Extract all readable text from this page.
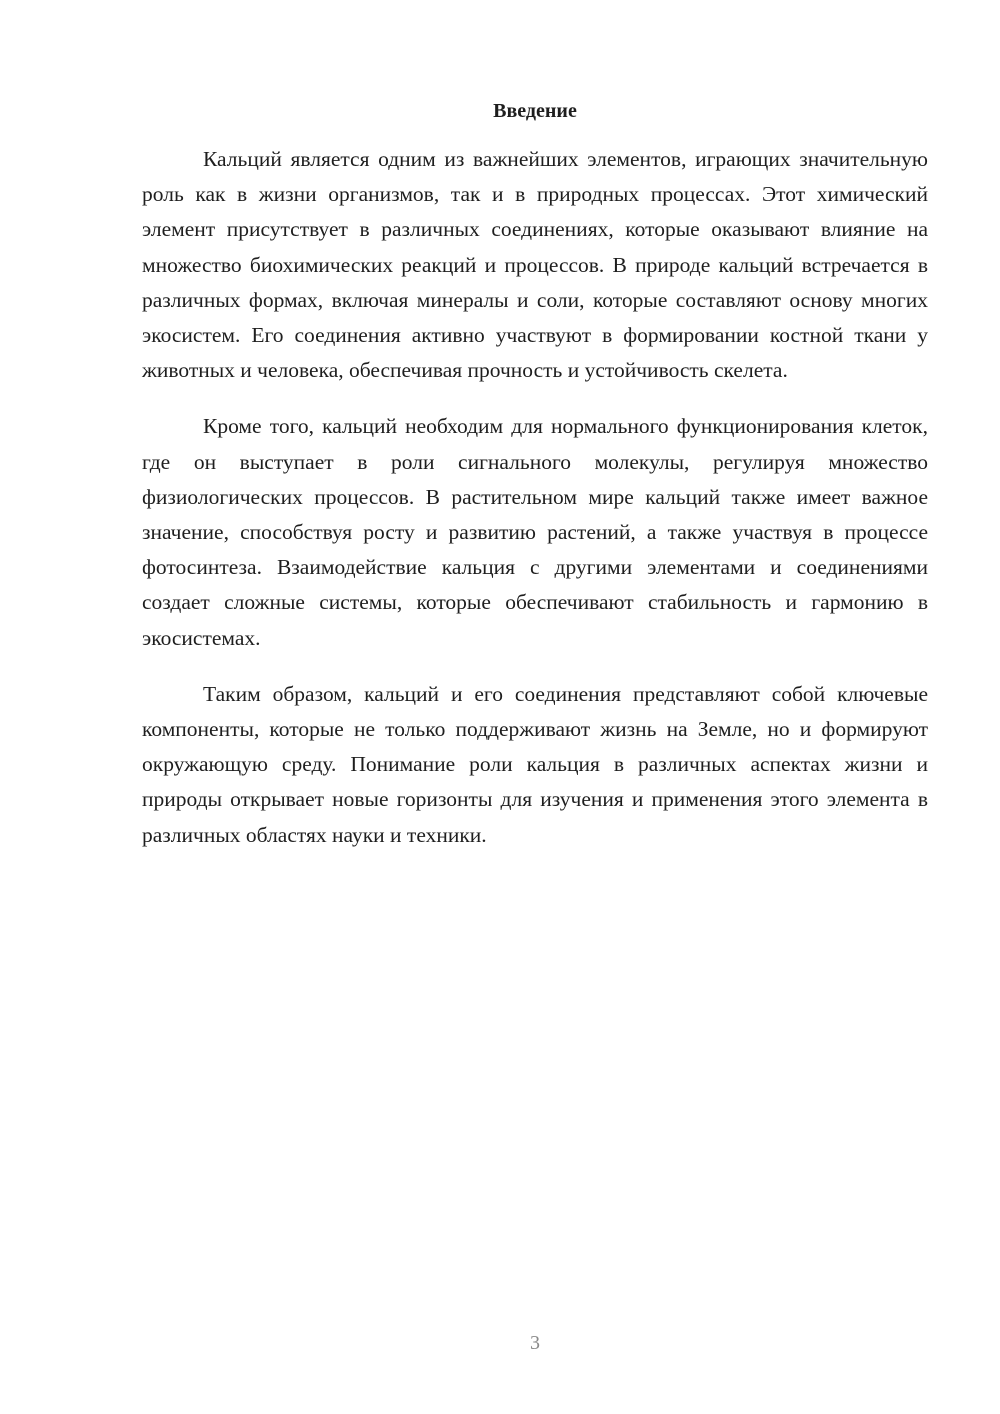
Введение

Кальций является одним из важнейших элементов, играющих значительную роль как в жизни организмов, так и в природных процессах. Этот химический элемент присутствует в различных соединениях, которые оказывают влияние на множество биохимических реакций и процессов. В природе кальций встречается в различных формах, включая минералы и соли, которые составляют основу многих экосистем. Его соединения активно участвуют в формировании костной ткани у животных и человека, обеспечивая прочность и устойчивость скелета.

Кроме того, кальций необходим для нормального функционирования клеток, где он выступает в роли сигнального молекулы, регулируя множество физиологических процессов. В растительном мире кальций также имеет важное значение, способствуя росту и развитию растений, а также участвуя в процессе фотосинтеза. Взаимодействие кальция с другими элементами и соединениями создает сложные системы, которые обеспечивают стабильность и гармонию в экосистемах.

Таким образом, кальций и его соединения представляют собой ключевые компоненты, которые не только поддерживают жизнь на Земле, но и формируют окружающую среду. Понимание роли кальция в различных аспектах жизни и природы открывает новые горизонты для изучения и применения этого элемента в различных областях науки и техники.

3
